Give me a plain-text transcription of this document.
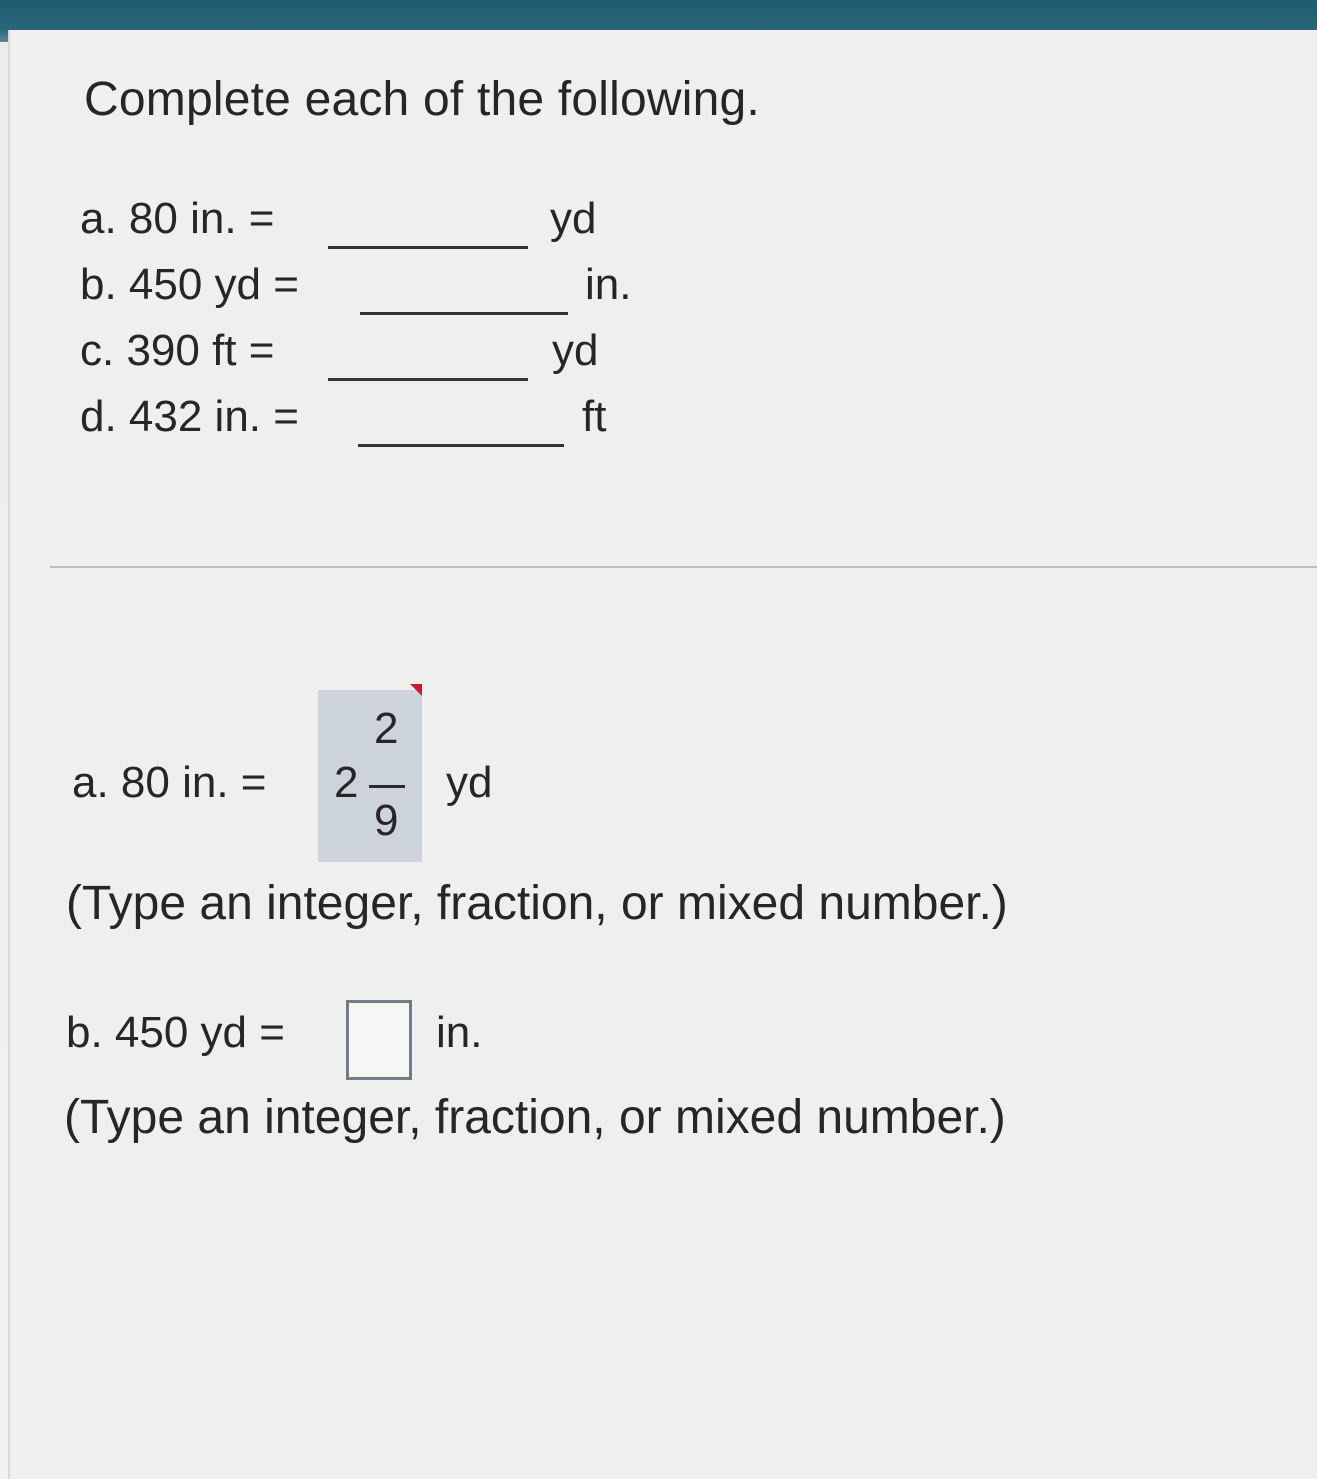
Complete each of the following.
a. 80 in. =	yd
b. 450 yd =	in.
c. 390 ft =	yd
d. 432 in. =	ft
a. 80 in. = 2
2
9
yd
(Type an integer, fraction, or mixed number.)
b. 450 yd =	in.
(Type an integer, fraction, or mixed number.)
